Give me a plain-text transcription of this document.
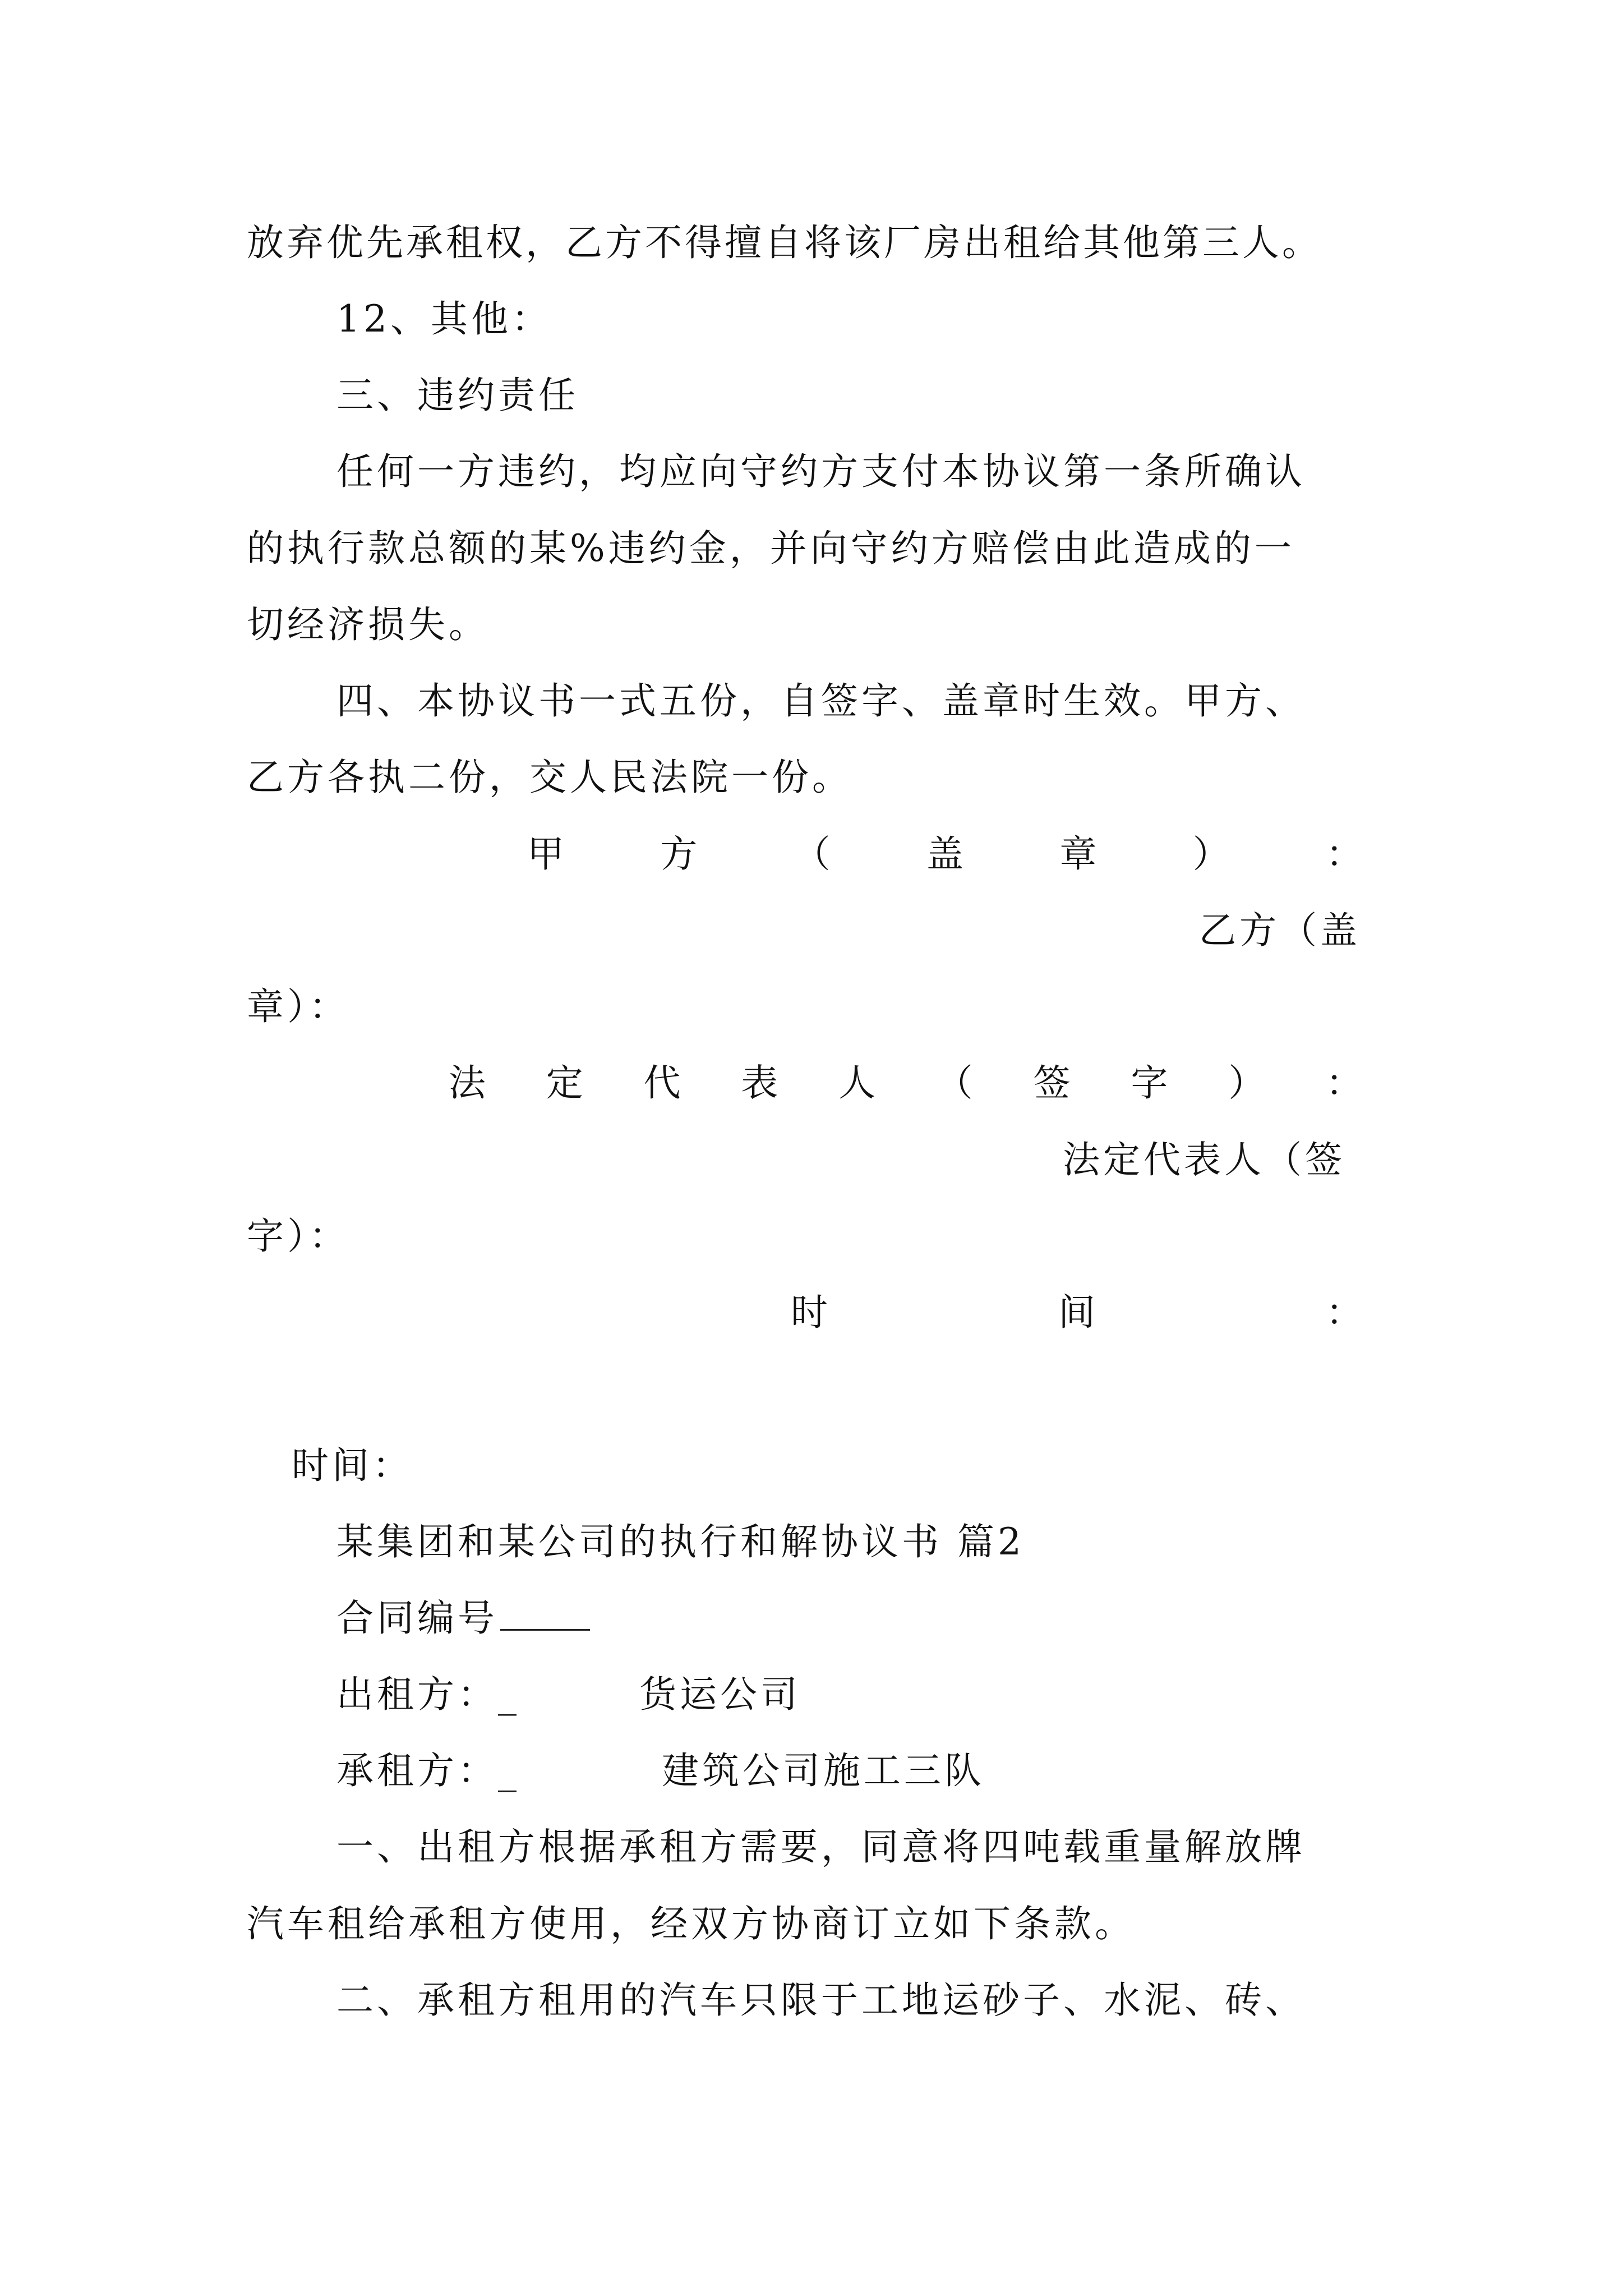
放弃优先承租权，乙方不得擅自将该厂房出租给其他第三人。
12、其他：
三、违约责任
任何一方违约，均应向守约方支付本协议第一条所确认
的执行款总额的某%违约金，并向守约方赔偿由此造成的一
切经济损失。
四、本协议书一式五份，自签字、盖章时生效。甲方、
乙方各执二份，交人民法院一份。
甲	方	（	盖	章	）	：
乙方（盖
章）：
法 定 代 表 人 （ 签 字 ） ：
法定代表人（签
字）：
时	间	：
时间：
某集团和某公司的执行和解协议书 篇2
合同编号
出租方：_	货运公司
承租方：_	建筑公司施工三队
一、出租方根据承租方需要，同意将四吨载重量解放牌
汽车租给承租方使用，经双方协商订立如下条款。
二、承租方租用的汽车只限于工地运砂子、水泥、砖、
